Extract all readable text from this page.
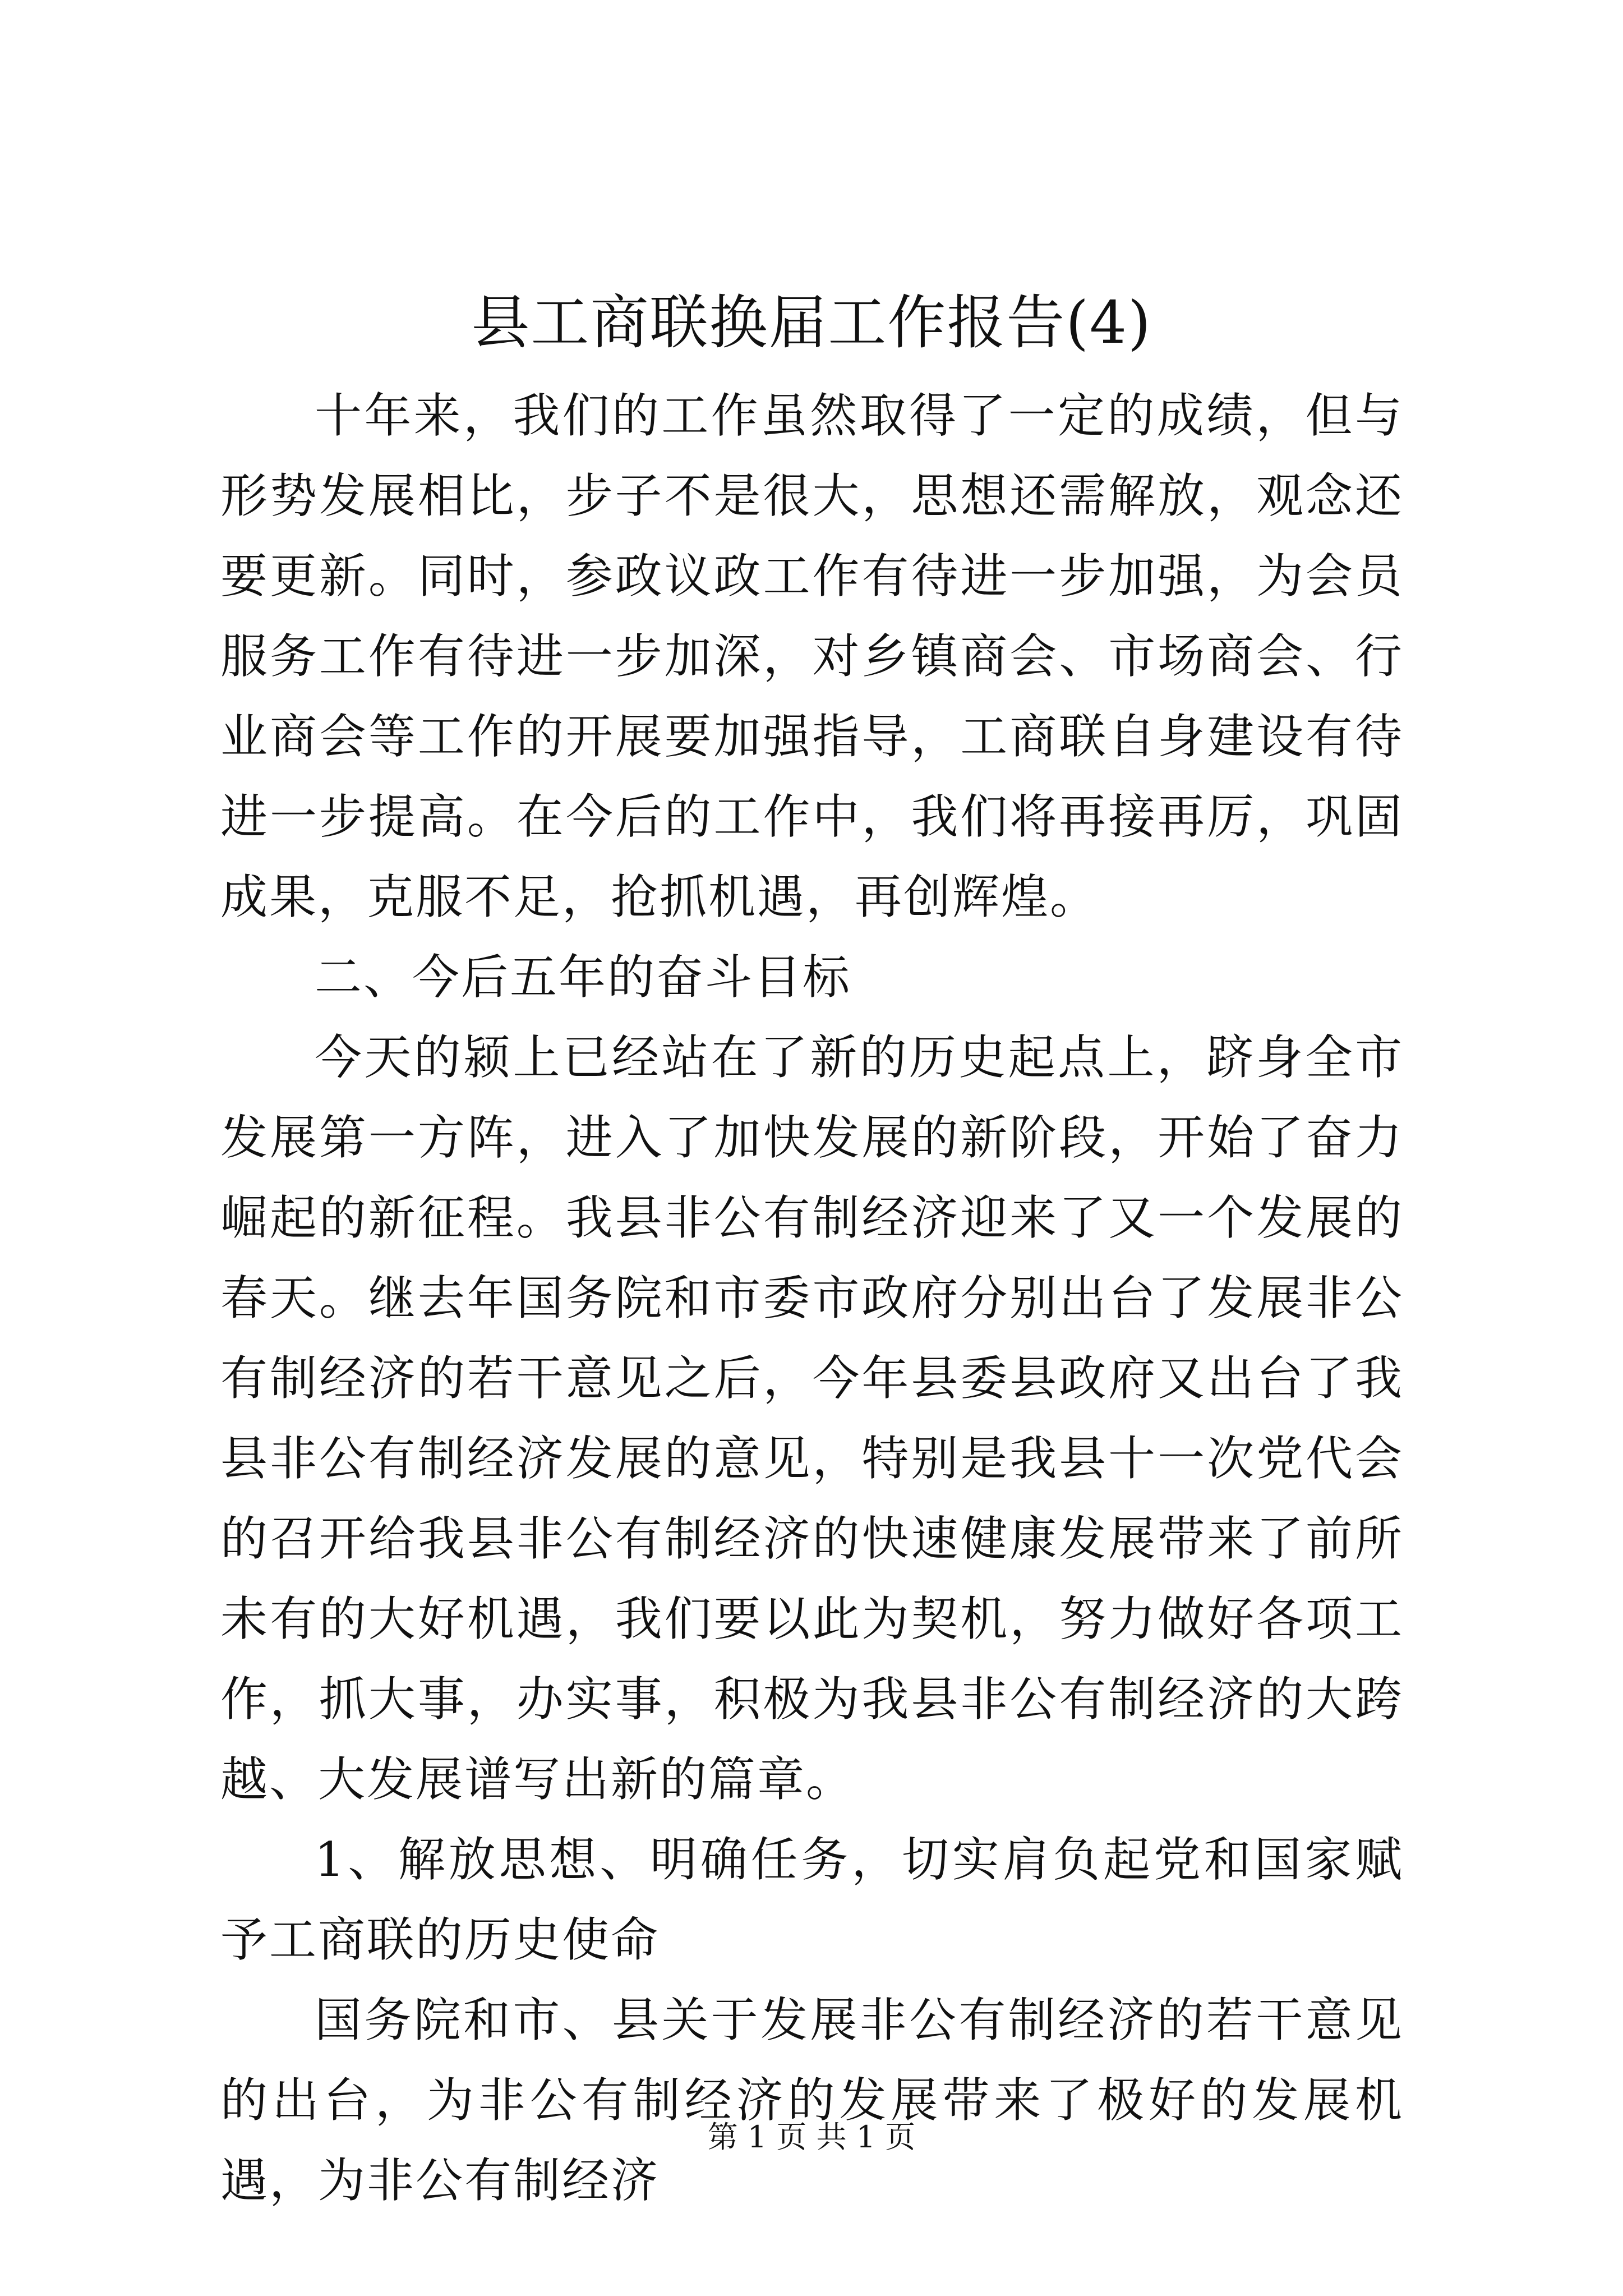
县工商联换届工作报告(4)

十年来，我们的工作虽然取得了一定的成绩，但与形势发展相比，步子不是很大，思想还需解放，观念还要更新。同时，参政议政工作有待进一步加强，为会员服务工作有待进一步加深，对乡镇商会、市场商会、行业商会等工作的开展要加强指导，工商联自身建设有待进一步提高。在今后的工作中，我们将再接再厉，巩固成果，克服不足，抢抓机遇，再创辉煌。

二、今后五年的奋斗目标

今天的颍上已经站在了新的历史起点上，跻身全市发展第一方阵，进入了加快发展的新阶段，开始了奋力崛起的新征程。我县非公有制经济迎来了又一个发展的春天。继去年国务院和市委市政府分别出台了发展非公有制经济的若干意见之后，今年县委县政府又出台了我县非公有制经济发展的意见，特别是我县十一次党代会的召开给我县非公有制经济的快速健康发展带来了前所未有的大好机遇，我们要以此为契机，努力做好各项工作，抓大事，办实事，积极为我县非公有制经济的大跨越、大发展谱写出新的篇章。

1、解放思想、明确任务，切实肩负起党和国家赋予工商联的历史使命

国务院和市、县关于发展非公有制经济的若干意见的出台，为非公有制经济的发展带来了极好的发展机遇，为非公有制经济

第 1 页 共 1 页
